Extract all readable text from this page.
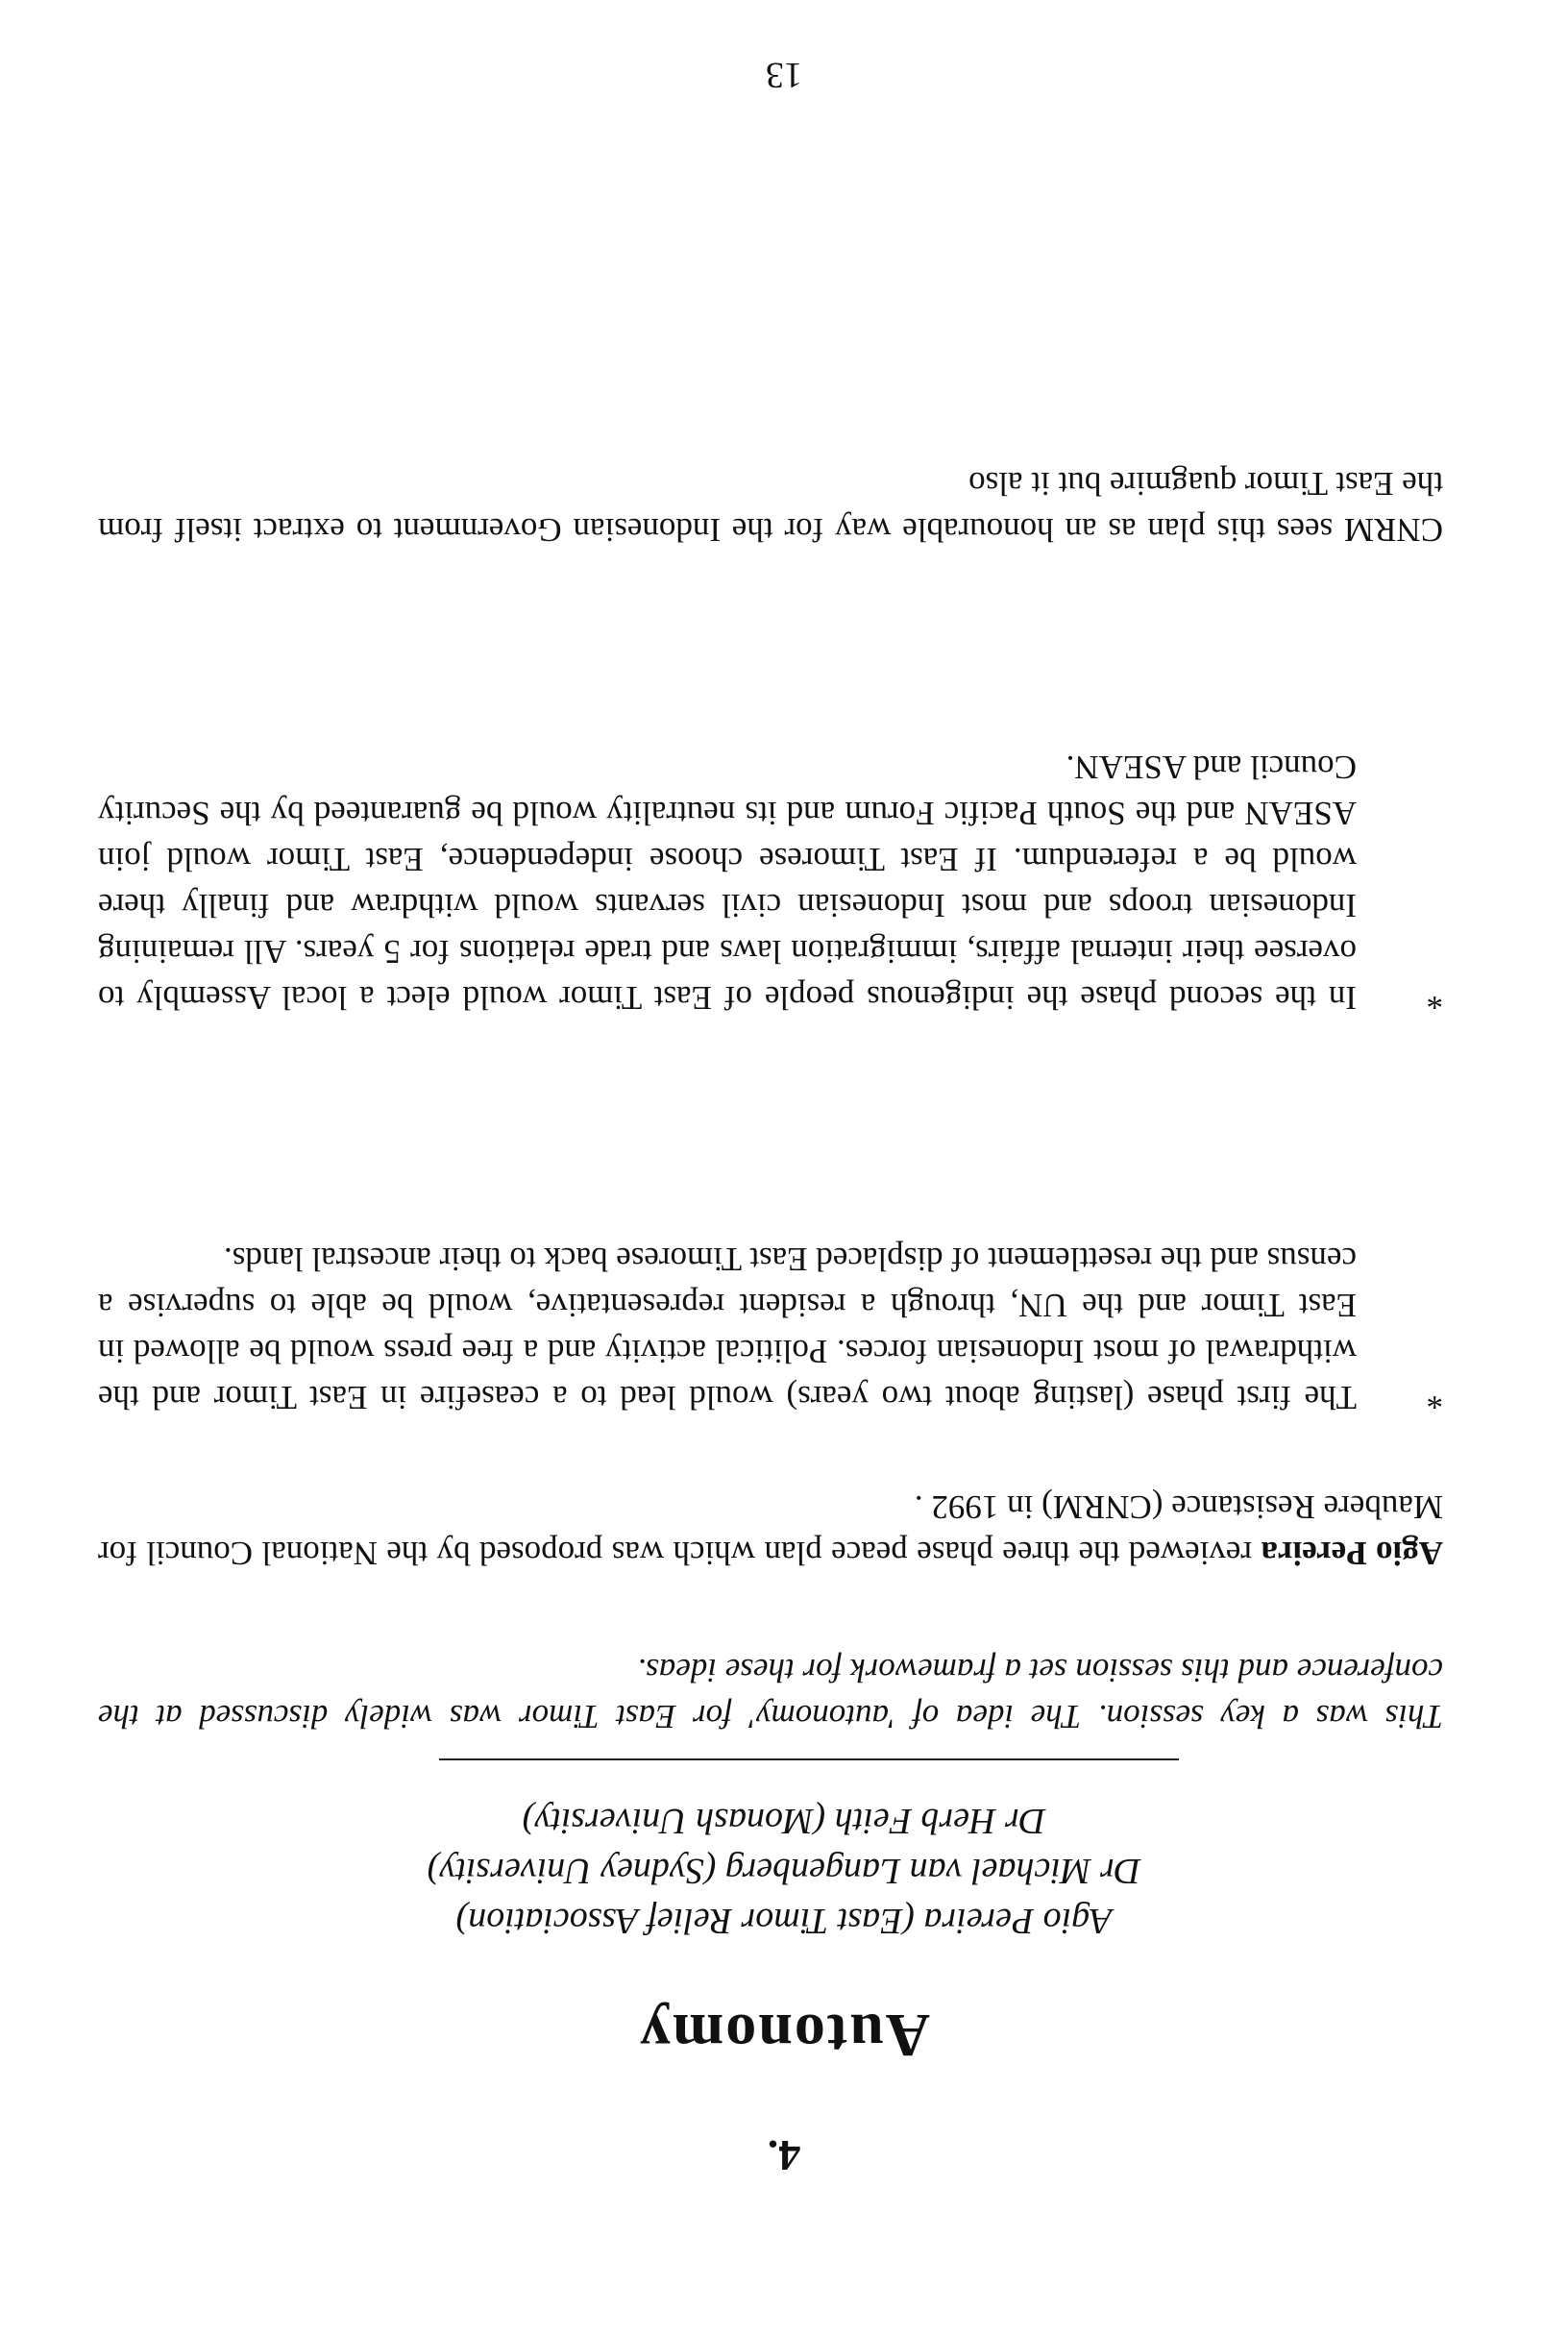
4.
Autonomy
Agio Pereira (East Timor Relief Association)
Dr Michael van Langenberg (Sydney University)
Dr Herb Feith (Monash University)
This was a key session. The idea of 'autonomy' for East Timor was widely discussed at the conference and this session set a framework for these ideas.
Agio Pereira reviewed the three phase peace plan which was proposed by the National Council for Maubere Resistance (CNRM) in 1992 .
*
The first phase (lasting about two years) would lead to a ceasefire in East Timor and the withdrawal of most Indonesian forces. Political activity and a free press would be allowed in East Timor and the UN, through a resident representative, would be able to supervise a census and the resettlement of displaced East Timorese back to their ancestral lands.
*
In the second phase the indigenous people of East Timor would elect a local Assembly to oversee their internal affairs, immigration laws and trade relations for 5 years. All remaining Indonesian troops and most Indonesian civil servants would withdraw and finally there would be a referendum. If East Timorese choose independence, East Timor would join ASEAN and the South Pacific Forum and its neutrality would be guaranteed by the Security Council and ASEAN.
CNRM sees this plan as an honourable way for the Indonesian Government to extract itself from the East Timor quagmire but it also
13
